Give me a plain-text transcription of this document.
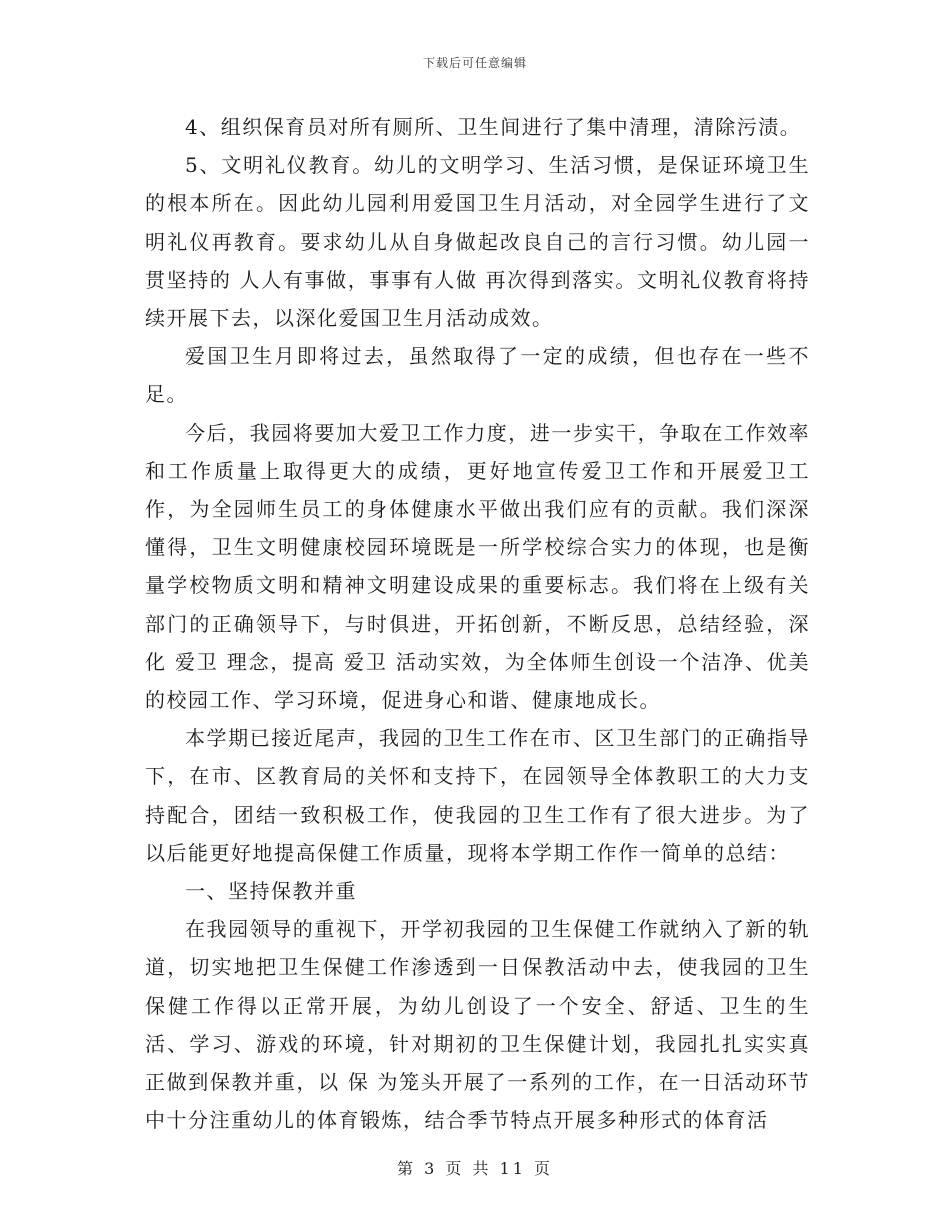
下载后可任意编辑

4、组织保育员对所有厕所、卫生间进行了集中清理，清除污渍。

5、文明礼仪教育。幼儿的文明学习、生活习惯，是保证环境卫生的根本所在。因此幼儿园利用爱国卫生月活动，对全园学生进行了文明礼仪再教育。要求幼儿从自身做起改良自己的言行习惯。幼儿园一贯坚持的 人人有事做，事事有人做 再次得到落实。文明礼仪教育将持续开展下去，以深化爱国卫生月活动成效。

爱国卫生月即将过去，虽然取得了一定的成绩，但也存在一些不足。

今后，我园将要加大爱卫工作力度，进一步实干，争取在工作效率和工作质量上取得更大的成绩，更好地宣传爱卫工作和开展爱卫工作，为全园师生员工的身体健康水平做出我们应有的贡献。我们深深懂得，卫生文明健康校园环境既是一所学校综合实力的体现，也是衡量学校物质文明和精神文明建设成果的重要标志。我们将在上级有关部门的正确领导下，与时俱进，开拓创新，不断反思，总结经验，深化 爱卫 理念，提高 爱卫 活动实效，为全体师生创设一个洁净、优美的校园工作、学习环境，促进身心和谐、健康地成长。

本学期已接近尾声，我园的卫生工作在市、区卫生部门的正确指导下，在市、区教育局的关怀和支持下，在园领导全体教职工的大力支持配合，团结一致积极工作，使我园的卫生工作有了很大进步。为了以后能更好地提高保健工作质量，现将本学期工作作一简单的总结：

一、坚持保教并重

在我园领导的重视下，开学初我园的卫生保健工作就纳入了新的轨道，切实地把卫生保健工作渗透到一日保教活动中去，使我园的卫生保健工作得以正常开展，为幼儿创设了一个安全、舒适、卫生的生活、学习、游戏的环境，针对期初的卫生保健计划，我园扎扎实实真正做到保教并重，以 保 为笼头开展了一系列的工作，在一日活动环节中十分注重幼儿的体育锻炼，结合季节特点开展多种形式的体育活

第 3 页 共 11 页
